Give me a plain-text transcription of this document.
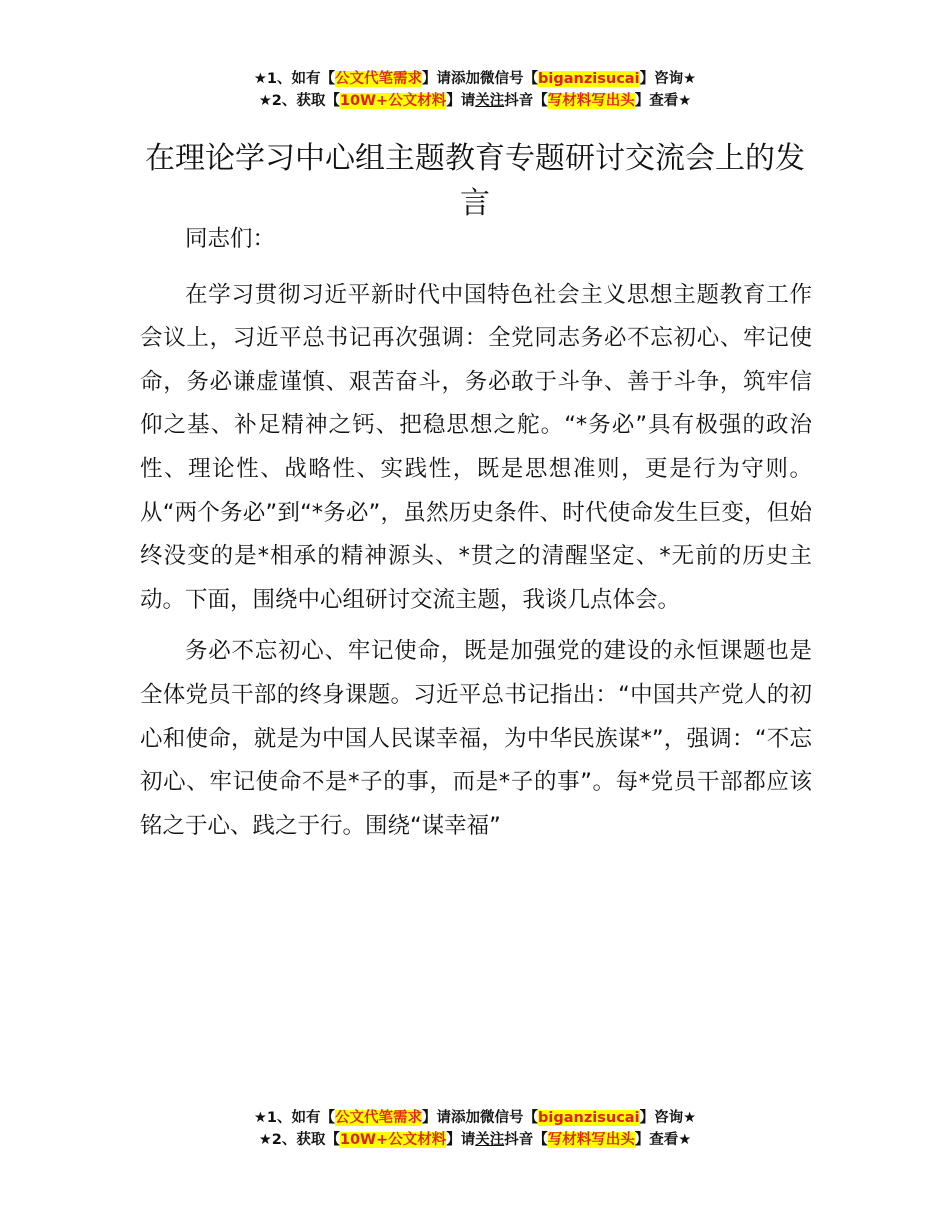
★1、如有【公文代笔需求】请添加微信号【biganzisucai】咨询★
★2、获取【10W+公文材料】请关注抖音【写材料写出头】查看★
在理论学习中心组主题教育专题研讨交流会上的发言

同志们：

在学习贯彻习近平新时代中国特色社会主义思想主题教育工作会议上，习近平总书记再次强调：全党同志务必不忘初心、牢记使命，务必谦虚谨慎、艰苦奋斗，务必敢于斗争、善于斗争，筑牢信仰之基、补足精神之钙、把稳思想之舵。“*务必”具有极强的政治性、理论性、战略性、实践性，既是思想准则，更是行为守则。从“两个务必”到“*务必”，虽然历史条件、时代使命发生巨变，但始终没变的是*相承的精神源头、*贯之的清醒坚定、*无前的历史主动。下面，围绕中心组研讨交流主题，我谈几点体会。

务必不忘初心、牢记使命，既是加强党的建设的永恒课题也是全体党员干部的终身课题。习近平总书记指出：“中国共产党人的初心和使命，就是为中国人民谋幸福，为中华民族谋*”，强调：“不忘初心、牢记使命不是*子的事，而是*子的事”。每*党员干部都应该铭之于心、践之于行。围绕“谋幸福”

★1、如有【公文代笔需求】请添加微信号【biganzisucai】咨询★
★2、获取【10W+公文材料】请关注抖音【写材料写出头】查看★
